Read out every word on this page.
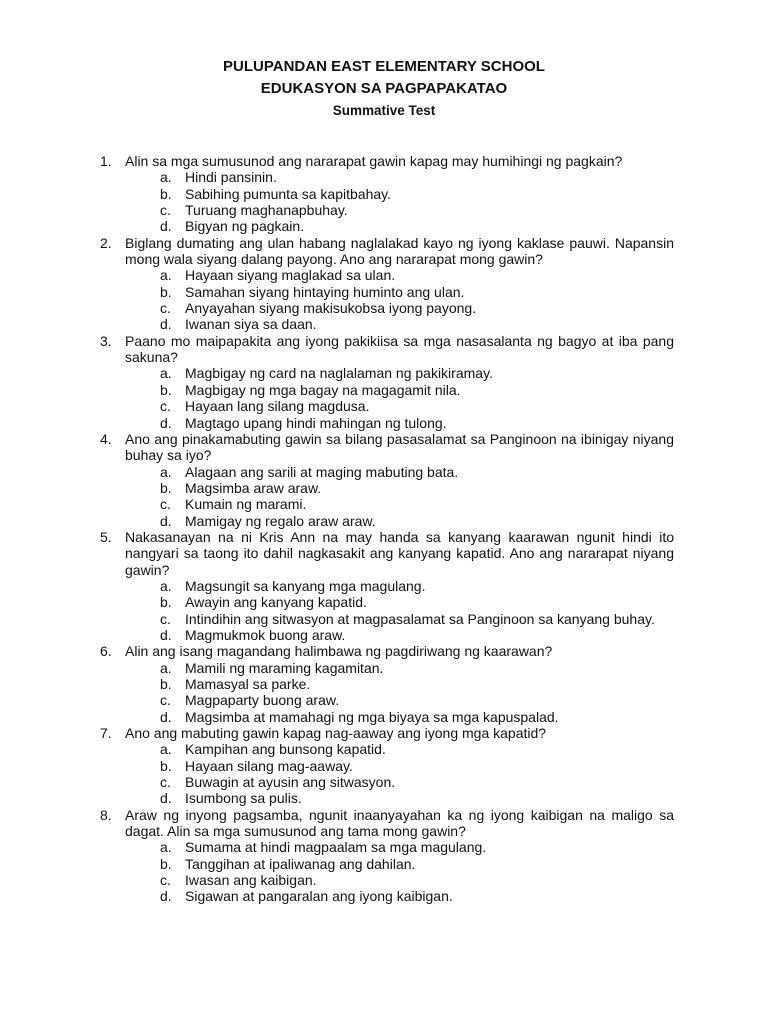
PULUPANDAN EAST ELEMENTARY SCHOOL
EDUKASYON SA PAGPAPAKATAO
Summative Test
1. Alin sa mga sumusunod ang nararapat gawin kapag may humihingi ng pagkain?
a. Hindi pansinin.
b. Sabihing pumunta sa kapitbahay.
c. Turuang maghanapbuhay.
d. Bigyan ng pagkain.
2. Biglang dumating ang ulan habang naglalakad kayo ng iyong kaklase pauwi. Napansin mong wala siyang dalang payong. Ano ang nararapat mong gawin?
a. Hayaan siyang maglakad sa ulan.
b. Samahan siyang hintaying huminto ang ulan.
c. Anyayahan siyang makisukobsa iyong payong.
d. Iwanan siya sa daan.
3. Paano mo maipapakita ang iyong pakikiisa sa mga nasasalanta ng bagyo at iba pang sakuna?
a. Magbigay ng card na naglalaman ng pakikiramay.
b. Magbigay ng mga bagay na magagamit nila.
c. Hayaan lang silang magdusa.
d. Magtago upang hindi mahingan ng tulong.
4. Ano ang pinakamabuting gawin sa bilang pasasalamat sa Panginoon na ibinigay niyang buhay sa iyo?
a. Alagaan ang sarili at maging mabuting bata.
b. Magsimba araw araw.
c. Kumain ng marami.
d. Mamigay ng regalo araw araw.
5. Nakasanayan na ni Kris Ann na may handa sa kanyang kaarawan ngunit hindi ito nangyari sa taong ito dahil nagkasakit ang kanyang kapatid. Ano ang nararapat niyang gawin?
a. Magsungit sa kanyang mga magulang.
b. Awayin ang kanyang kapatid.
c. Intindihin ang sitwasyon at magpasalamat sa Panginoon sa kanyang buhay.
d. Magmukmok buong araw.
6. Alin ang isang magandang halimbawa ng pagdiriwang ng kaarawan?
a. Mamili ng maraming kagamitan.
b. Mamasyal sa parke.
c. Magpaparty buong araw.
d. Magsimba at mamahagi ng mga biyaya sa mga kapuspalad.
7. Ano ang mabuting gawin kapag nag-aaway ang iyong mga kapatid?
a. Kampihan ang bunsong kapatid.
b. Hayaan silang mag-aaway.
c. Buwagin at ayusin ang sitwasyon.
d. Isumbong sa pulis.
8. Araw ng inyong pagsamba, ngunit inaanyayahan ka ng iyong kaibigan na maligo sa dagat. Alin sa mga sumusunod ang tama mong gawin?
a. Sumama at hindi magpaalam sa mga magulang.
b. Tanggihan at ipaliwanag ang dahilan.
c. Iwasan ang kaibigan.
d. Sigawan at pangaralan ang iyong kaibigan.
